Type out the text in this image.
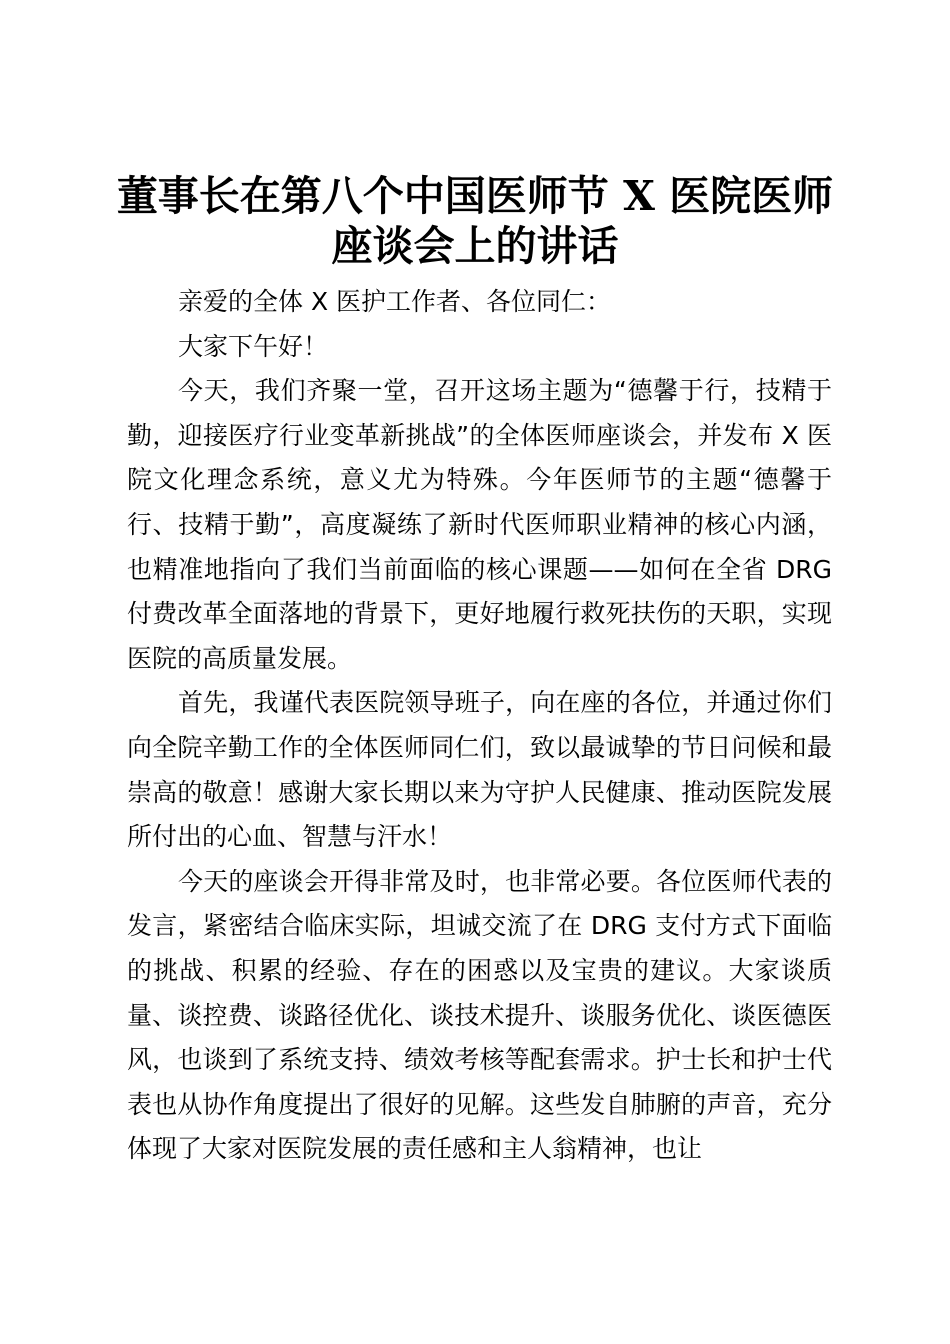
董事长在第八个中国医师节 X 医院医师
座谈会上的讲话

亲爱的全体 X 医护工作者、各位同仁：

大家下午好！

今天，我们齐聚一堂，召开这场主题为“德馨于行，技精于勤，迎接医疗行业变革新挑战”的全体医师座谈会，并发布 X 医院文化理念系统，意义尤为特殊。今年医师节的主题“德馨于行、技精于勤”，高度凝练了新时代医师职业精神的核心内涵，也精准地指向了我们当前面临的核心课题——如何在全省 DRG 付费改革全面落地的背景下，更好地履行救死扶伤的天职，实现医院的高质量发展。

首先，我谨代表医院领导班子，向在座的各位，并通过你们向全院辛勤工作的全体医师同仁们，致以最诚挚的节日问候和最崇高的敬意！感谢大家长期以来为守护人民健康、推动医院发展所付出的心血、智慧与汗水！

今天的座谈会开得非常及时，也非常必要。各位医师代表的发言，紧密结合临床实际，坦诚交流了在 DRG 支付方式下面临的挑战、积累的经验、存在的困惑以及宝贵的建议。大家谈质量、谈控费、谈路径优化、谈技术提升、谈服务优化、谈医德医风，也谈到了系统支持、绩效考核等配套需求。护士长和护士代表也从协作角度提出了很好的见解。这些发自肺腑的声音，充分体现了大家对医院发展的责任感和主人翁精神，也让
